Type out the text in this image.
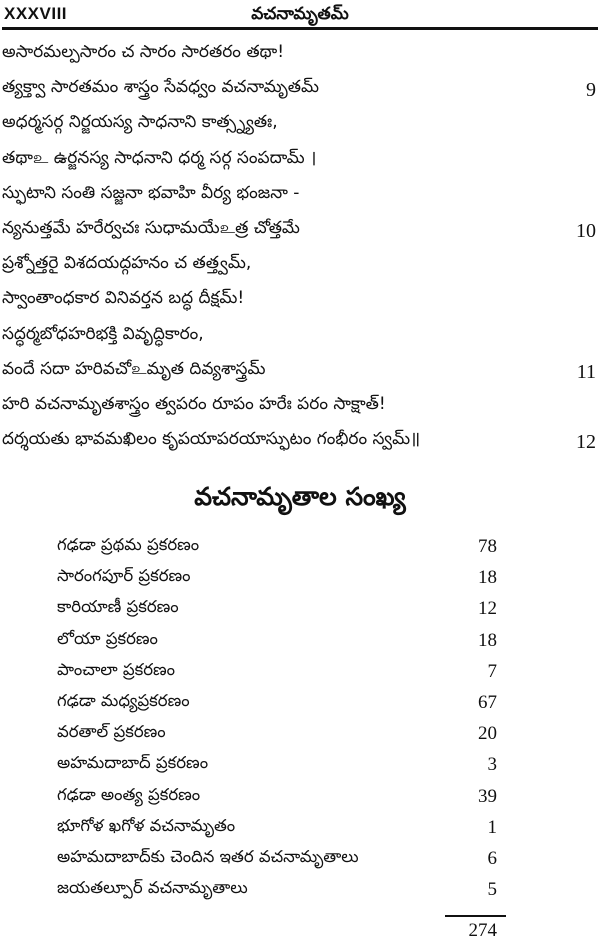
XXXVIII	వచనామృతమ్
అసారమల్పసారం చ సారం సారతరం తథా!
త్యక్త్వా సారతమం శాస్త్రం సేవధ్వం వచనామృతమ్	9
అధర్మసర్గ నిర్జయస్య సాధనాని కాత్స్న్యతః,
తథాஉ ఉర్జనస్య సాధనాని ధర్మ సర్గ సంపదామ్ ।
స్ఫుటాని సంతి సజ్జనా భవాహి వీర్య భంజనా -
న్యనుత్తమే హరేర్వచః సుధామయేஉత్ర చోత్తమే	10
ప్రశ్నోత్తరై విశదయద్గహనం చ తత్త్వమ్,
స్వాంతాంధకార వినివర్తన బద్ధ దీక్షమ్!
సద్ధర్మబోధహరిభక్తి వివృద్ధికారం,
వందే సదా హరివచోஉమృత దివ్యశాస్త్రమ్	11
హరి వచనామృతశాస్త్రం త్వపరం రూపం హరేః పరం సాక్షాత్!
దర్శయతు భావమఖిలం కృపయాపరయాస్ఫుటం గంభీరం స్వమ్॥	12
వచనామృతాల సంఖ్య
గఢడా ప్రథమ ప్రకరణం	78
సారంగపూర్ ప్రకరణం	18
కారియాణీ ప్రకరణం	12
లోయా ప్రకరణం	18
పాంచాలా ప్రకరణం	7
గఢడా మధ్యప్రకరణం	67
వరతాల్ ప్రకరణం	20
అహమదాబాద్ ప్రకరణం	3
గఢడా అంత్య ప్రకరణం	39
భూగోళ ఖగోళ వచనామృతం	1
అహమదాబాద్‌కు చెందిన ఇతర వచనామృతాలు	6
జయతల్పూర్ వచనామృతాలు	5
274
